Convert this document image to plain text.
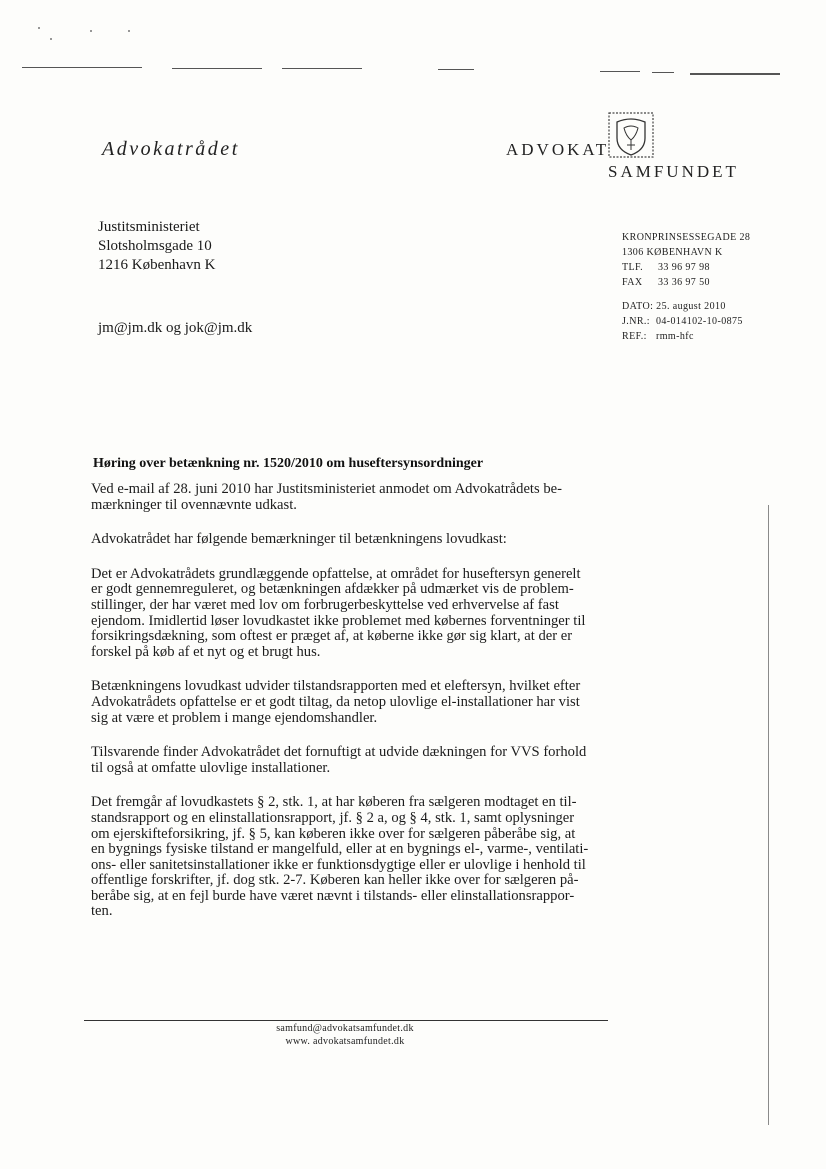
Advokatrådet	ADVOKAT
SAMFUNDET
Justitsministeriet
Slotsholmsgade 10
1216 København K
jm@jm.dk og jok@jm.dk
KRONPRINSESSEGADE 28
1306 KØBENHAVN K
TLF. 33 96 97 98
FAX 33 36 97 50
DATO: 25. august 2010
J.NR.: 04-014102-10-0875
REF.: rmm-hfc
Høring over betænkning nr. 1520/2010 om huseftersynsordninger
Ved e-mail af 28. juni 2010 har Justitsministeriet anmodet om Advokatrådets be-
mærkninger til ovennævnte udkast.
Advokatrådet har følgende bemærkninger til betænkningens lovudkast:
Det er Advokatrådets grundlæggende opfattelse, at området for huseftersyn generelt
er godt gennemreguleret, og betænkningen afdækker på udmærket vis de problem-
stillinger, der har været med lov om forbrugerbeskyttelse ved erhvervelse af fast
ejendom. Imidlertid løser lovudkastet ikke problemet med købernes forventninger til
forsikringsdækning, som oftest er præget af, at køberne ikke gør sig klart, at der er
forskel på køb af et nyt og et brugt hus.
Betænkningens lovudkast udvider tilstandsrapporten med et eleftersyn, hvilket efter
Advokatrådets opfattelse er et godt tiltag, da netop ulovlige el-installationer har vist
sig at være et problem i mange ejendomshandler.
Tilsvarende finder Advokatrådet det fornuftigt at udvide dækningen for VVS forhold
til også at omfatte ulovlige installationer.
Det fremgår af lovudkastets § 2, stk. 1, at har køberen fra sælgeren modtaget en til-
standsrapport og en elinstallationsrapport, jf. § 2 a, og § 4, stk. 1, samt oplysninger
om ejerskifteforsikring, jf. § 5, kan køberen ikke over for sælgeren påberåbe sig, at
en bygnings fysiske tilstand er mangelfuld, eller at en bygnings el-, varme-, ventilati-
ons- eller sanitetsinstallationer ikke er funktionsdygtige eller er ulovlige i henhold til
offentlige forskrifter, jf. dog stk. 2-7. Køberen kan heller ikke over for sælgeren på-
beråbe sig, at en fejl burde have været nævnt i tilstands- eller elinstallationsrappor-
ten.
samfund@advokatsamfundet.dk
www. advokatsamfundet.dk
